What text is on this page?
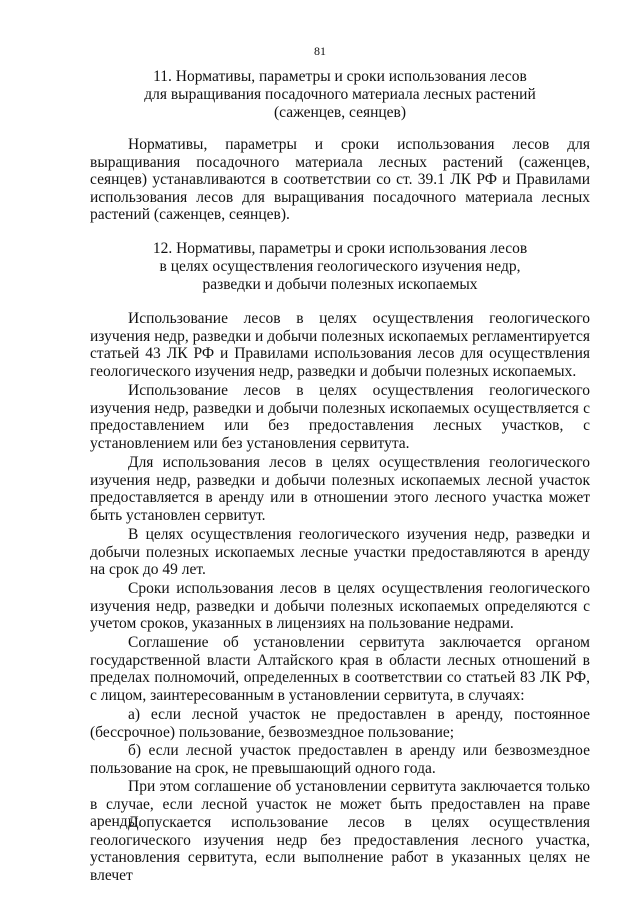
81
11. Нормативы, параметры и сроки использования лесов
для выращивания посадочного материала лесных растений
(саженцев, сеянцев)

Нормативы, параметры и сроки использования лесов для выращивания посадочного материала лесных растений (саженцев, сеянцев) устанавливаются в соответствии со ст. 39.1 ЛК РФ и Правилами использования лесов для выращивания посадочного материала лесных растений (саженцев, сеянцев).

12. Нормативы, параметры и сроки использования лесов
в целях осуществления геологического изучения недр,
разведки и добычи полезных ископаемых

Использование лесов в целях осуществления геологического изучения недр, разведки и добычи полезных ископаемых регламентируется статьей 43 ЛК РФ и Правилами использования лесов для осуществления геологического изучения недр, разведки и добычи полезных ископаемых.

Использование лесов в целях осуществления геологического изучения недр, разведки и добычи полезных ископаемых осуществляется с предоставлением или без предоставления лесных участков, с установлением или без установления сервитута.

Для использования лесов в целях осуществления геологического изучения недр, разведки и добычи полезных ископаемых лесной участок предоставляется в аренду или в отношении этого лесного участка может быть установлен сервитут.

В целях осуществления геологического изучения недр, разведки и добычи полезных ископаемых лесные участки предоставляются в аренду на срок до 49 лет.

Сроки использования лесов в целях осуществления геологического изучения недр, разведки и добычи полезных ископаемых определяются с учетом сроков, указанных в лицензиях на пользование недрами.

Соглашение об установлении сервитута заключается органом государственной власти Алтайского края в области лесных отношений в пределах полномочий, определенных в соответствии со статьей 83 ЛК РФ, с лицом, заинтересованным в установлении сервитута, в случаях:

а) если лесной участок не предоставлен в аренду, постоянное (бессрочное) пользование, безвозмездное пользование;

б) если лесной участок предоставлен в аренду или безвозмездное пользование на срок, не превышающий одного года.

При этом соглашение об установлении сервитута заключается только в случае, если лесной участок не может быть предоставлен на праве аренды.

Допускается использование лесов в целях осуществления геологического изучения недр без предоставления лесного участка, установления сервитута, если выполнение работ в указанных целях не влечет
